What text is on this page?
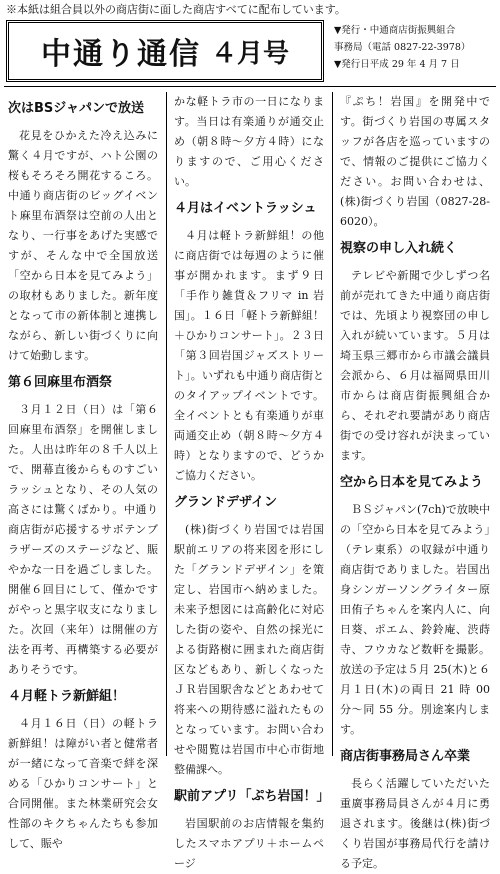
※本紙は組合員以外の商店街に面した商店すべてに配布しています。
中通り通信 ４月号
▼発行・中通商店街振興組合
事務局（電話 0827-22-3978）
▼発行日平成 29 年 4 月 7 日
次はBSジャパンで放送

花見をひかえた冷え込みに驚く４月ですが、ハト公園の桜もそろそろ開花するころ。中通り商店街のビッグイベント麻里布酒祭は空前の人出となり、一行事をあげた実感ですが、そんな中で全国放送「空から日本を見てみよう」の取材もありました。新年度となって市の新体制と連携しながら、新しい街づくりに向けて始動します。

第６回麻里布酒祭

３月１２日（日）は「第６回麻里布酒祭」を開催しました。人出は昨年の８千人以上で、開幕直後からものすごいラッシュとなり、その人気の高さには驚くばかり。中通り商店街が応援するサボテンブラザーズのステージなど、賑やかな一日を過ごしました。開催６回目にして、僅かですがやっと黒字収支になりました。次回（来年）は開催の方法を再考、再構築する必要がありそうです。

４月軽トラ新鮮組！

４月１６日（日）の軽トラ新鮮組！は障がい者と健常者が一緒になって音楽で絆を深める「ひかりコンサート」と合同開催。また林業研究会女性部のキクちゃんたちも参加して、賑や

かな軽トラ市の一日になります。当日は有楽通りが通交止め（朝８時〜夕方４時）になりますので、ご用心ください。

４月はイベントラッシュ

４月は軽トラ新鮮組！の他に商店街では毎週のように催事が開かれます。まず９日「手作り雑貨＆フリマ in 岩国」。１６日「軽トラ新鮮組！＋ひかりコンサート」。２３日「第３回岩国ジャズストリート」。いずれも中通り商店街とのタイアップイベントです。全イベントとも有楽通りが車両通交止め（朝８時〜夕方４時）となりますので、どうかご協力ください。

グランドデザイン

(株)街づくり岩国では岩国駅前エリアの将来図を形にした「グランドデザイン」を策定し、岩国市へ納めました。未来予想図には高齢化に対応した街の姿や、自然の採光による街路樹に囲まれた商店街区などもあり、新しくなったＪＲ岩国駅舎などとあわせて将来への期待感に溢れたものとなっています。お問い合わせや閲覧は岩国市中心市街地整備課へ。

駅前アプリ「ぷち岩国！」

岩国駅前のお店情報を集約したスマホアプリ＋ホームページ

『ぷち！岩国』を開発中です。街づくり岩国の専属スタッフが各店を巡っていますので、情報のご提供にご協力ください。お問い合わせは、(株)街づくり岩国（0827-28-6020）。

視察の申し入れ続く

テレビや新聞で少しずつ名前が売れてきた中通り商店街では、先頃より視察団の申し入れが続いています。５月は埼玉県三郷市から市議会議員会派から、６月は福岡県田川市からは商店街振興組合から、それぞれ要請があり商店街での受け容れが決まっています。

空から日本を見てみよう

ＢＳジャパン(7ch)で放映中の「空から日本を見てみよう」（テレ東系）の収録が中通り商店街でありました。岩国出身シンガーソングライター原田侑子ちゃんを案内人に、向日葵、ポエム、鈴鈴庵、渋蒔寺、フウカなど数軒を撮影。放送の予定は５月 25(木)と６月１日(木)の両日 21 時 00 分〜同 55 分。別途案内します。

商店街事務局さん卒業

長らく活躍していただいた重廣事務局員さんが４月に勇退されます。後継は(株)街づくり岩国が事務局代行を請ける予定。
